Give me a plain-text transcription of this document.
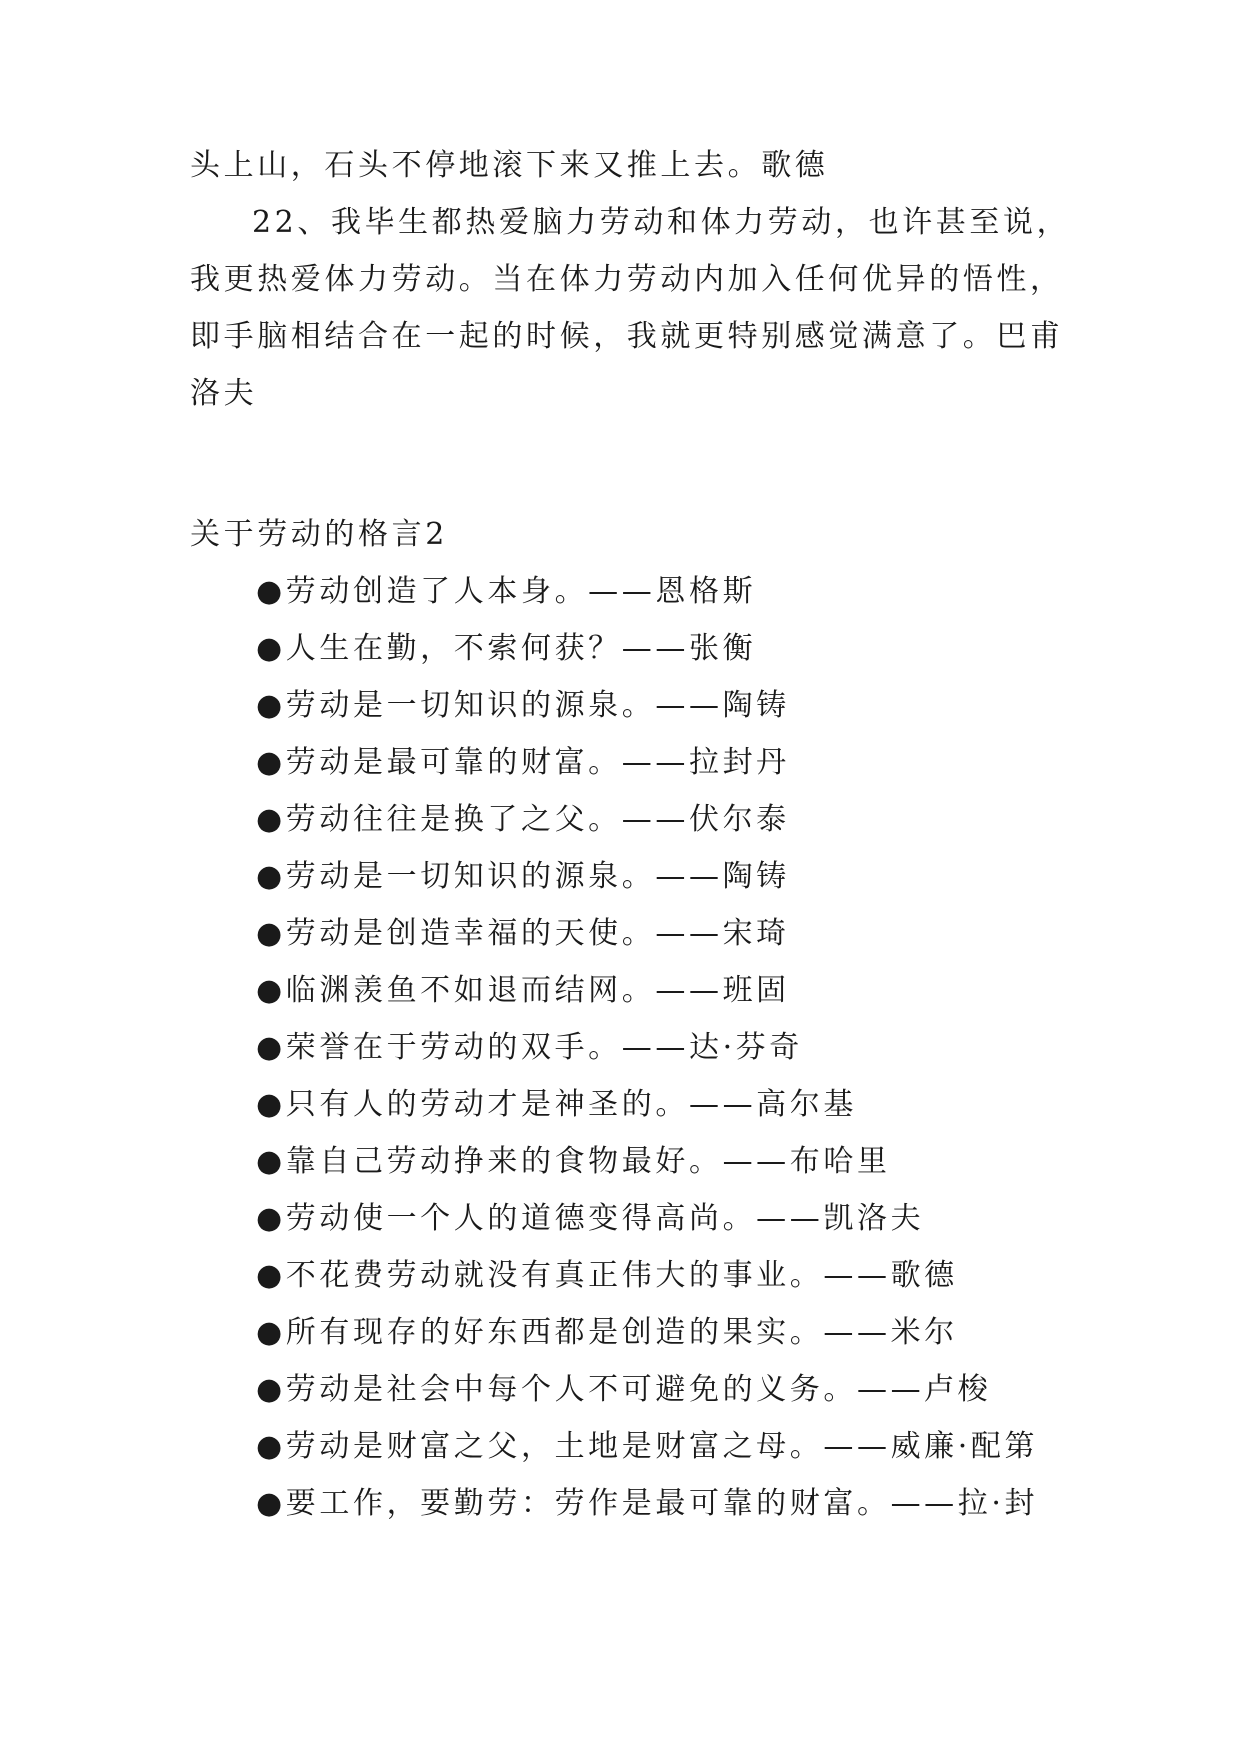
头上山，石头不停地滚下来又推上去。歌德
22、我毕生都热爱脑力劳动和体力劳动，也许甚至说，
我更热爱体力劳动。当在体力劳动内加入任何优异的悟性，
即手脑相结合在一起的时候，我就更特别感觉满意了。巴甫
洛夫
关于劳动的格言2
●劳动创造了人本身。——恩格斯
●人生在勤，不索何获？——张衡
●劳动是一切知识的源泉。——陶铸
●劳动是最可靠的财富。——拉封丹
●劳动往往是换了之父。——伏尔泰
●劳动是一切知识的源泉。——陶铸
●劳动是创造幸福的天使。——宋琦
●临渊羡鱼不如退而结网。——班固
●荣誉在于劳动的双手。——达·芬奇
●只有人的劳动才是神圣的。——高尔基
●靠自己劳动挣来的食物最好。——布哈里
●劳动使一个人的道德变得高尚。——凯洛夫
●不花费劳动就没有真正伟大的事业。——歌德
●所有现存的好东西都是创造的果实。——米尔
●劳动是社会中每个人不可避免的义务。——卢梭
●劳动是财富之父，土地是财富之母。——威廉·配第
●要工作，要勤劳：劳作是最可靠的财富。——拉·封
